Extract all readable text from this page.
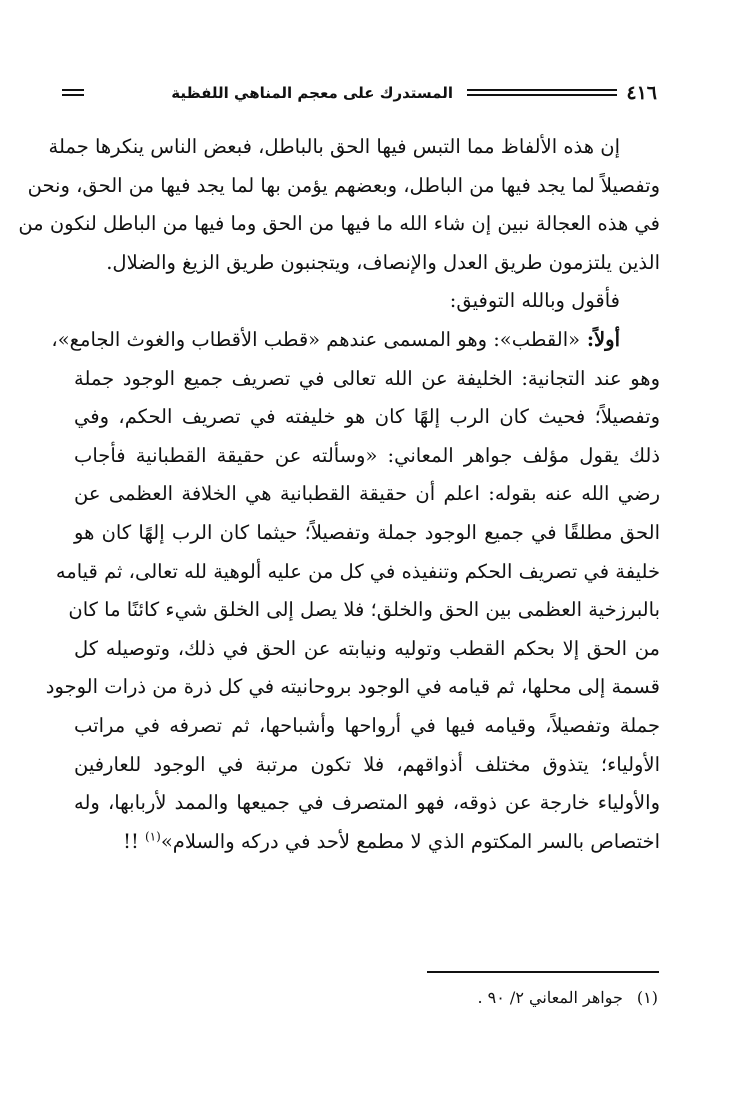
٤١٦
المستدرك على معجم المناهي اللفظية
إن هذه الألفاظ مما التبس فيها الحق بالباطل، فبعض الناس ينكرها جملة
وتفصيلاً لما يجد فيها من الباطل، وبعضهم يؤمن بها لما يجد فيها من الحق، ونحن
في هذه العجالة نبين إن شاء الله ما فيها من الحق وما فيها من الباطل لنكون من
الذين يلتزمون طريق العدل والإنصاف، ويتجنبون طريق الزيغ والضلال.
فأقول وبالله التوفيق:
أولاً: «القطب»: وهو المسمى عندهم «قطب الأقطاب والغوث الجامع»،
وهو عند التجانية: الخليفة عن الله تعالى في تصريف جميع الوجود جملة
وتفصيلاً؛ فحيث كان الرب إلهًا كان هو خليفته في تصريف الحكم، وفي
ذلك يقول مؤلف جواهر المعاني: «وسألته عن حقيقة القطبانية فأجاب
رضي الله عنه بقوله: اعلم أن حقيقة القطبانية هي الخلافة العظمى عن
الحق مطلقًا في جميع الوجود جملة وتفصيلاً؛ حيثما كان الرب إلهًا كان هو
خليفة في تصريف الحكم وتنفيذه في كل من عليه ألوهية لله تعالى، ثم قيامه
بالبرزخية العظمى بين الحق والخلق؛ فلا يصل إلى الخلق شيء كائنًا ما كان
من الحق إلا بحكم القطب وتوليه ونيابته عن الحق في ذلك، وتوصيله كل
قسمة إلى محلها، ثم قيامه في الوجود بروحانيته في كل ذرة من ذرات الوجود
جملة وتفصيلاً، وقيامه فيها في أرواحها وأشباحها، ثم تصرفه في مراتب
الأولياء؛ يتذوق مختلف أذواقهم، فلا تكون مرتبة في الوجود للعارفين
والأولياء خارجة عن ذوقه، فهو المتصرف في جميعها والممد لأربابها، وله
اختصاص بالسر المكتوم الذي لا مطمع لأحد في دركه والسلام»$^{(١)}$ !!
(١)جواهر المعاني ٢/ ٩٠ .
